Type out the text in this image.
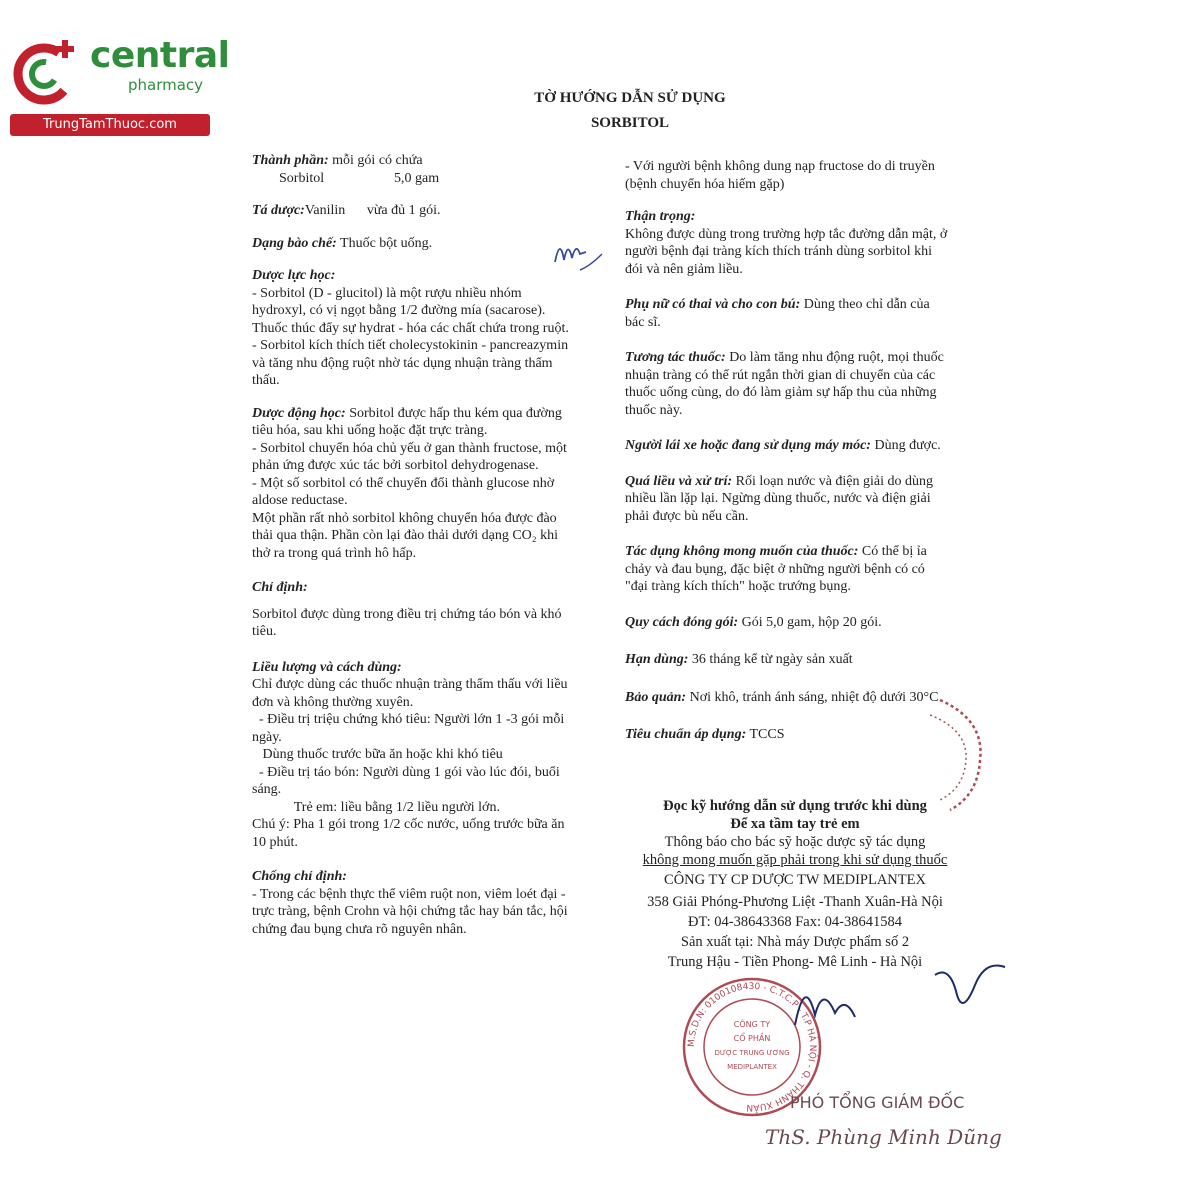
central
pharmacy
TrungTamThuoc.com
TỜ HƯỚNG DẪN SỬ DỤNG
SORBITOL

Thành phần: mỗi gói có chứa

Sorbitol	5,0 gam

Tá dược:Vanilin vừa đủ 1 gói.

Dạng bào chế: Thuốc bột uống.

Dược lực học:

- Sorbitol (D - glucitol) là một rượu nhiều nhóm

hydroxyl, có vị ngọt bằng 1/2 đường mía (sacarose).

Thuốc thúc đẩy sự hydrat - hóa các chất chứa trong ruột.

- Sorbitol kích thích tiết cholecystokinin - pancreazymin

và tăng nhu động ruột nhờ tác dụng nhuận tràng thẩm

thấu.

Dược động học: Sorbitol được hấp thu kém qua đường

tiêu hóa, sau khi uống hoặc đặt trực tràng.

- Sorbitol chuyển hóa chủ yếu ở gan thành fructose, một

phản ứng được xúc tác bởi sorbitol dehydrogenase.

- Một số sorbitol có thể chuyển đổi thành glucose nhờ

aldose reductase.

Một phần rất nhỏ sorbitol không chuyển hóa được đào

thải qua thận. Phần còn lại đào thải dưới dạng CO₂ khi

thở ra trong quá trình hô hấp.

Chỉ định:

Sorbitol được dùng trong điều trị chứng táo bón và khó

tiêu.

Liều lượng và cách dùng:

Chỉ được dùng các thuốc nhuận tràng thẩm thấu với liều

đơn và không thường xuyên.

- Điều trị triệu chứng khó tiêu: Người lớn 1 -3 gói mỗi

ngày.

Dùng thuốc trước bữa ăn hoặc khi khó tiêu

- Điều trị táo bón: Người dùng 1 gói vào lúc đói, buổi

sáng.

Trẻ em: liều bằng 1/2 liều người lớn.

Chú ý: Pha 1 gói trong 1/2 cốc nước, uống trước bữa ăn

10 phút.

Chống chỉ định:

- Trong các bệnh thực thể viêm ruột non, viêm loét đại -

trực tràng, bệnh Crohn và hội chứng tắc hay bán tắc, hội

chứng đau bụng chưa rõ nguyên nhân.

- Với người bệnh không dung nạp fructose do di truyền

(bệnh chuyển hóa hiếm gặp)

Thận trọng:

Không được dùng trong trường hợp tắc đường dẫn mật, ở

người bệnh đại tràng kích thích tránh dùng sorbitol khi

đói và nên giảm liều.

Phụ nữ có thai và cho con bú: Dùng theo chỉ dẫn của

bác sĩ.

Tương tác thuốc: Do làm tăng nhu động ruột, mọi thuốc

nhuận tràng có thể rút ngắn thời gian di chuyển của các

thuốc uống cùng, do đó làm giảm sự hấp thu của những

thuốc này.

Người lái xe hoặc đang sử dụng máy móc: Dùng được.

Quá liều và xử trí: Rối loạn nước và điện giải do dùng

nhiều lần lặp lại. Ngừng dùng thuốc, nước và điện giải

phải được bù nếu cần.

Tác dụng không mong muốn của thuốc: Có thể bị ỉa

chảy và đau bụng, đặc biệt ở những người bệnh có có

"đại tràng kích thích" hoặc trướng bụng.

Quy cách đóng gói: Gói 5,0 gam, hộp 20 gói.

Hạn dùng: 36 tháng kể từ ngày sản xuất

Bảo quản: Nơi khô, tránh ánh sáng, nhiệt độ dưới 30°C

Tiêu chuẩn áp dụng: TCCS

Đọc kỹ hướng dẫn sử dụng trước khi dùng

Để xa tầm tay trẻ em

Thông báo cho bác sỹ hoặc dược sỹ tác dụng

không mong muốn gặp phải trong khi sử dụng thuốc

CÔNG TY CP DƯỢC TW MEDIPLANTEX

358 Giải Phóng-Phương Liệt -Thanh Xuân-Hà Nội

ĐT: 04-38643368 Fax: 04-38641584

Sản xuất tại: Nhà máy Dược phẩm số 2

Trung Hậu - Tiền Phong- Mê Linh - Hà Nội

M.S.D.N: 0100108430 - C.T.C.P - T.P HÀ NỘI - Q. THANH XUÂN
CÔNG TY
CỔ PHẦN
DƯỢC TRUNG ƯƠNG
MEDIPLANTEX
PHÓ TỔNG GIÁM ĐỐC
ThS. Phùng Minh Dũng
